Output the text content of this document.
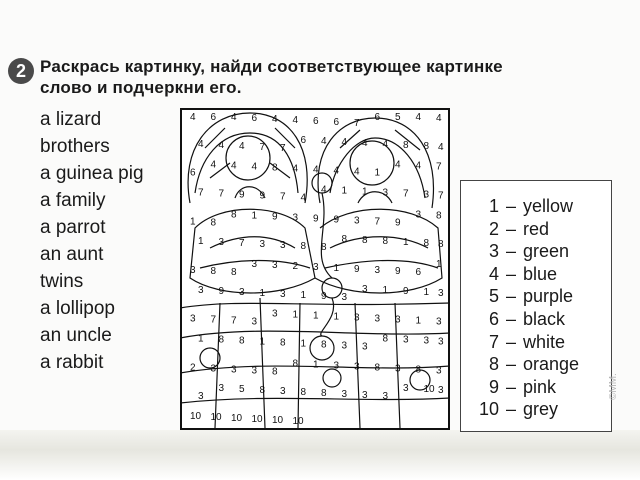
2 Раскрась картинку, найди соответствующее картинке
слово и подчеркни его.
a lizard
brothers
a guinea pig
a family
a parrot
an aunt
twins
a lollipop
an uncle
a rabbit
4 6 4 6 4 4 6 6 7
6 5 4 4
4 4 4 7 7
6 4 4 4 4 8 8 4
6
4 4 4 8 4 4 4 4 1
4 4 7
7 7 9 9 7 4
4 1 1 3 7 3 7
1 8
8 1 9 3 9 9 3 7 9
3 8
1 3 7 3 3 8 8
8 8 8 1 8 8
3 8 8
3 3 2 3 1 9 3 9 6
1
3 9 3 1 3 1 9 3
3 1 9 1 3
3 7 7 3
3 1 1 1 3 3 3 1 3
1 8 8 1 8 1 8 3 3
8 3 3 3
2 3 3 3 8
8 1 3 3 8 3 8 3
3
3 5 8 3 8 8 3 3 3
3 10 3
10 10 10 10 10 10
1 – yellow
2 – red
3 – green
4 – blue
5 – purple
6 – black
7 – white
8 – orange
9 – pink
10 – grey
©MM.
